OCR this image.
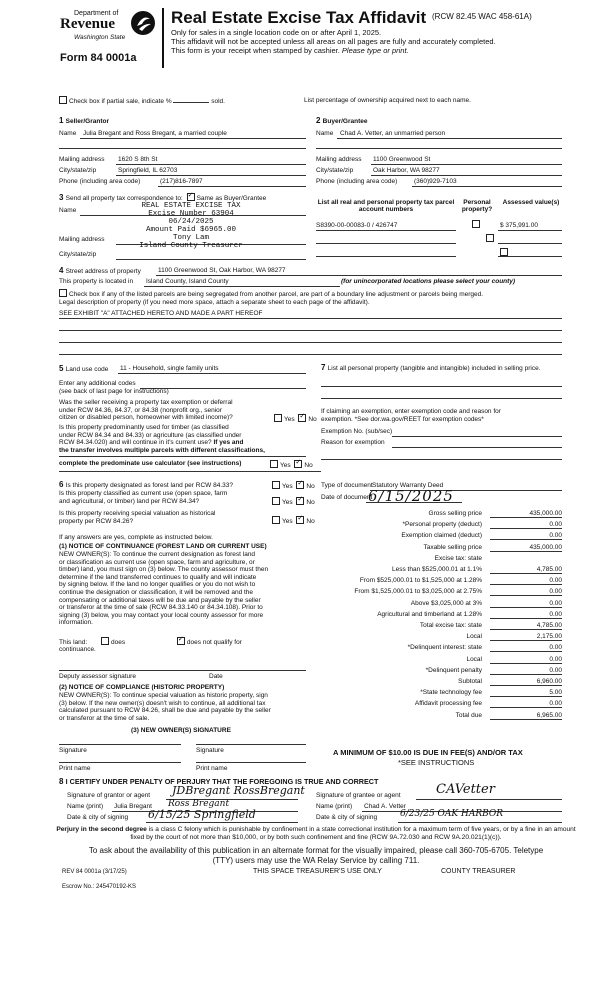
Department of
Revenue
Washington State
Form 84 0001a
Real Estate Excise Tax Affidavit (RCW 82.45 WAC 458-61A)
Only for sales in a single location code on or after April 1, 2025.
This affidavit will not be accepted unless all areas on all pages are fully and accurately completed.
This form is your receipt when stamped by cashier. Please type or print.
Check box if partial sale, indicate %	sold.	List percentage of ownership acquired next to each name.
1 Seller/Grantor
Name Julia Bregant and Ross Bregant, a married couple
Mailing address 1620 S 8th St
City/state/zip	Springfield, IL 62703
Phone (including area code)	(217)816-7897
2 Buyer/Grantee
Name Chad A. Vetter, an unmarried person
Mailing address 1100 Greenwood St
City/state/zip	Oak Harbor, WA 98277
Phone (including area code)	(360)929-7103
3 Send all property tax correspondence to: ✓ Same as Buyer/Grantee
Name
Mailing address
City/state/zip
REAL ESTATE EXCISE TAX
Excise Number 63904
06/24/2025
Amount Paid $6965.00
Tony Lam
Island County Treasurer
List all real and personal property tax parcel account numbers
Personal property?
Assessed value(s)
S8390-00-00083-0 / 426747
	$ 375,991.00

4 Street address of property	1100 Greenwood St, Oak Harbor, WA 98277
This property is located in Island County, Island County	(for unincorporated locations please select your county)
Check box if any of the listed parcels are being segregated from another parcel, are part of a boundary line adjustment or parcels being merged.
Legal description of property (if you need more space, attach a separate sheet to each page of the affidavit).
SEE EXHIBIT "A" ATTACHED HERETO AND MADE A PART HEREOF
5 Land use code 11 - Household, single family units
Enter any additional codes
(see back of last page for instructions)
Was the seller receiving a property tax exemption or deferral
under RCW 84.36, 84.37, or 84.38 (nonprofit org., senior
citizen or disabled person, homeowner with limited income)?	Yes ✓ No
Is this property predominantly used for timber (as classified
under RCW 84.34 and 84.33) or agriculture (as classified under
RCW 84.34.020) and will continue in it's current use? If yes and
the transfer involves multiple parcels with different classifications,
complete the predominate use calculator (see instructions)	Yes ✓ No
7 List all personal property (tangible and intangible) included in selling price.
If claiming an exemption, enter exemption code and reason for
exemption. *See dor.wa.gov/REET for exemption codes*
Exemption No. (sub/sec)
Reason for exemption
6 Is this property designated as forest land per RCW 84.33?	Yes ✓ No
Is this property classified as current use (open space, farm
and agricultural, or timber) land per RCW 84.34?	Yes ✓ No
Is this property receiving special valuation as historical
property per RCW 84.26?	Yes ✓ No
If any answers are yes, complete as instructed below.
(1) NOTICE OF CONTINUANCE (FOREST LAND OR CURRENT USE)
NEW OWNER(S): To continue the current designation as forest land
or classification as current use (open space, farm and agriculture, or
timber) land, you must sign on (3) below. The county assessor must then
determine if the land transferred continues to qualify and will indicate
by signing below. If the land no longer qualifies or you do not wish to
continue the designation or classification, it will be removed and the
compensating or additional taxes will be due and payable by the seller
or transferor at the time of sale (RCW 84.33.140 or 84.34.108). Prior to
signing (3) below, you may contact your local county assessor for more
information.
This land:	does ✓	does not qualify for
continuance.
Deputy assessor signature	Date
(2) NOTICE OF COMPLIANCE (HISTORIC PROPERTY)
NEW OWNER(S): To continue special valuation as historic property, sign
(3) below. If the new owner(s) doesn't wish to continue, all additional tax
calculated pursuant to RCW 84.26, shall be due and payable by the seller
or transferor at the time of sale.
(3) NEW OWNER(S) SIGNATURE
Signature	Signature
Print name	Print name
Type of document Statutory Warranty Deed
Date of document
6/15/2025
Gross selling price	435,000.00
*Personal property (deduct)	0.00
Exemption claimed (deduct)	0.00
Taxable selling price	435,000.00
Excise tax: state
Less than $525,000.01 at 1.1%	4,785.00
From $525,000.01 to $1,525,000 at 1.28%	0.00
From $1,525,000.01 to $3,025,000 at 2.75%	0.00
Above $3,025,000 at 3%	0.00
Agricultural and timberland at 1.28%	0.00
Total excise tax: state	4,785.00
Local	2,175.00
*Delinquent interest: state	0.00
Local	0.00
*Delinquent penalty	0.00
Subtotal	6,960.00
*State technology fee	5.00
Affidavit processing fee	0.00
Total due	6,965.00
A MINIMUM OF $10.00 IS DUE IN FEE(S) AND/OR TAX
*SEE INSTRUCTIONS
8 I CERTIFY UNDER PENALTY OF PERJURY THAT THE FOREGOING IS TRUE AND CORRECT
Signature of grantor or agent JDBregant RossBregant
Name (print) Julia Bregant Ross Bregant
Date & city of signing 6/15/25 Springfield
Signature of grantee or agent	CAVetter
Name (print) Chad A. Vetter
Date & city of signing	6/23/25 OAK HARBOR
Perjury in the second degree is a class C felony which is punishable by confinement in a state correctional institution for a maximum term of five years, or by a fine in an amount fixed by the court of not more than $10,000, or by both such confinement and fine (RCW 9A.72.030 and RCW 9A.20.021(1)(c)).
To ask about the availability of this publication in an alternate format for the visually impaired, please call 360-705-6705. Teletype
(TTY) users may use the WA Relay Service by calling 711.
REV 84 0001a (3/17/25)	THIS SPACE TREASURER'S USE ONLY	COUNTY TREASURER
Escrow No.: 245470192-KS
